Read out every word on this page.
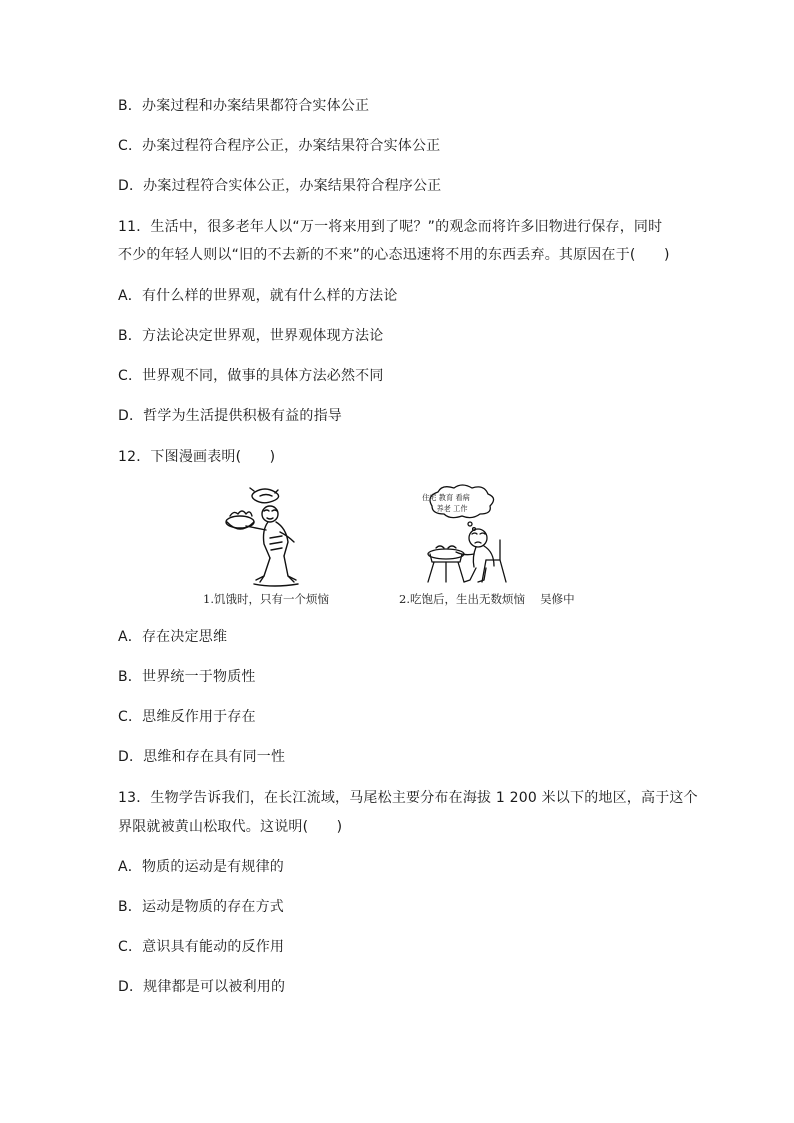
B．办案过程和办案结果都符合实体公正
C．办案过程符合程序公正，办案结果符合实体公正
D．办案过程符合实体公正，办案结果符合程序公正
11．生活中，很多老年人以“万一将来用到了呢？”的观念而将许多旧物进行保存，同时
不少的年轻人则以“旧的不去新的不来”的心态迅速将不用的东西丢弃。其原因在于(　　)
A．有什么样的世界观，就有什么样的方法论
B．方法论决定世界观，世界观体现方法论
C．世界观不同，做事的具体方法必然不同
D．哲学为生活提供积极有益的指导
12．下图漫画表明(　　)
1.饥饿时，只有一个烦恼
住宅 教育 看病
养老 工作
2.吃饱后，生出无数烦恼　 吴修中
A．存在决定思维
B．世界统一于物质性
C．思维反作用于存在
D．思维和存在具有同一性
13．生物学告诉我们，在长江流域，马尾松主要分布在海拔 1 200 米以下的地区，高于这个
界限就被黄山松取代。这说明(　　)
A．物质的运动是有规律的
B．运动是物质的存在方式
C．意识具有能动的反作用
D．规律都是可以被利用的
